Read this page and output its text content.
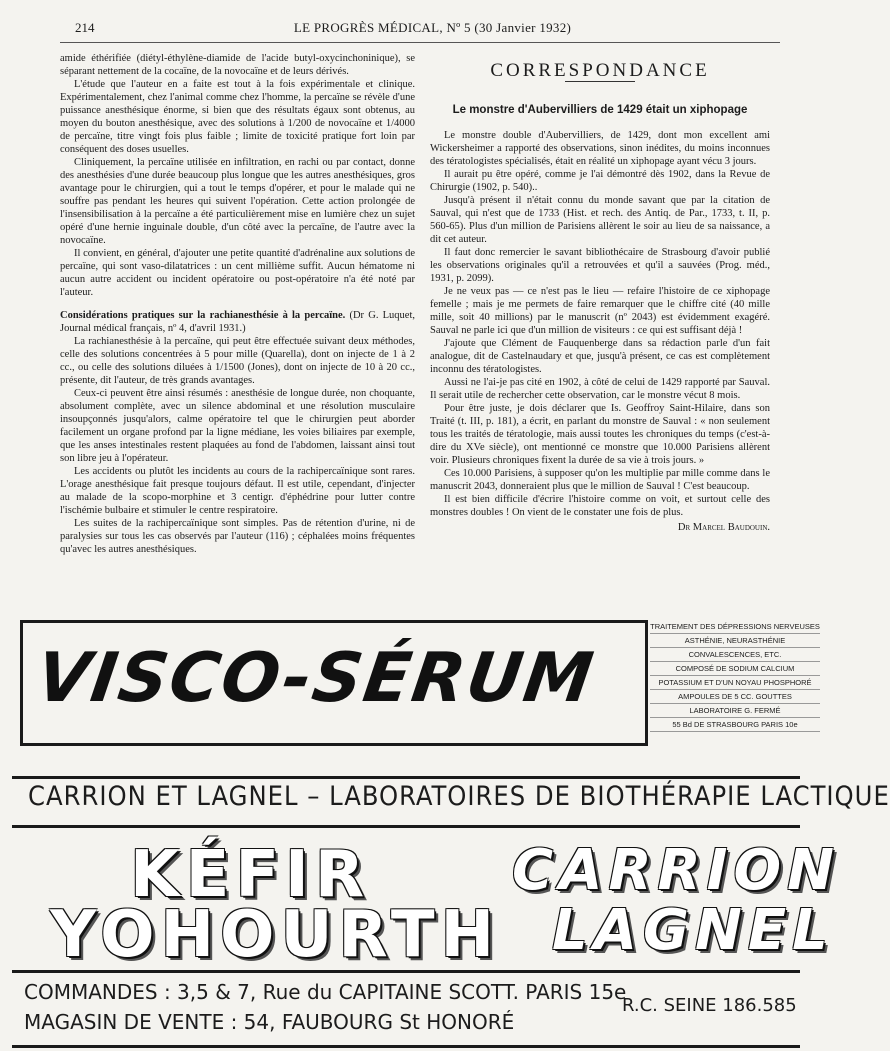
214	LE PROGRÈS MÉDICAL, Nº 5 (30 Janvier 1932)

amide éthérifiée (diétyl-éthylène-diamide de l'acide butyl-oxycinchoninique), se séparant nettement de la cocaïne, de la novocaïne et de leurs dérivés.

L'étude que l'auteur en a faite est tout à la fois expérimentale et clinique. Expérimentalement, chez l'animal comme chez l'homme, la percaïne se révèle d'une puissance anesthésique énorme, si bien que des résultats égaux sont obtenus, au moyen du bouton anesthésique, avec des solutions à 1/200 de novocaïne et 1/4000 de percaïne, titre vingt fois plus faible ; limite de toxicité pratique fort loin par conséquent des doses usuelles.

Cliniquement, la percaïne utilisée en infiltration, en rachi ou par contact, donne des anesthésies d'une durée beaucoup plus longue que les autres anesthésiques, gros avantage pour le chirurgien, qui a tout le temps d'opérer, et pour le malade qui ne souffre pas pendant les heures qui suivent l'opération. Cette action prolongée de l'insensibilisation à la percaïne a été particulièrement mise en lumière chez un sujet opéré d'une hernie inguinale double, d'un côté avec la percaïne, de l'autre avec la novocaïne.

Il convient, en général, d'ajouter une petite quantité d'adrénaline aux solutions de percaïne, qui sont vaso-dilatatrices : un cent millième suffit. Aucun hématome ni aucun autre accident ou incident opératoire ou post-opératoire n'a été noté par l'auteur.

Considérations pratiques sur la rachianesthésie à la percaïne. (Dr G. Luquet, Journal médical français, nº 4, d'avril 1931.)

La rachianesthésie à la percaïne, qui peut être effectuée suivant deux méthodes, celle des solutions concentrées à 5 pour mille (Quarella), dont on injecte de 1 à 2 cc., ou celle des solutions diluées à 1/1500 (Jones), dont on injecte de 10 à 20 cc., présente, dit l'auteur, de très grands avantages.

Ceux-ci peuvent être ainsi résumés : anesthésie de longue durée, non choquante, absolument complète, avec un silence abdominal et une résolution musculaire insoupçonnés jusqu'alors, calme opératoire tel que le chirurgien peut aborder facilement un organe profond par la ligne médiane, les voies biliaires par exemple, que les anses intestinales restent plaquées au fond de l'abdomen, laissant ainsi tout son libre jeu à l'opérateur.

Les accidents ou plutôt les incidents au cours de la rachipercaïnique sont rares. L'orage anesthésique fait presque toujours défaut. Il est utile, cependant, d'injecter au malade de la scopo-morphine et 3 centigr. d'éphédrine pour lutter contre l'ischémie bulbaire et stimuler le centre respiratoire.

Les suites de la rachipercaïnique sont simples. Pas de rétention d'urine, ni de paralysies sur tous les cas observés par l'auteur (116) ; céphalées moins fréquentes qu'avec les autres anesthésiques.

CORRESPONDANCE
Le monstre d'Aubervilliers de 1429 était un xiphopage

Le monstre double d'Aubervilliers, de 1429, dont mon excellent ami Wickersheimer a rapporté des observations, sinon inédites, du moins inconnues des tératologistes spécialisés, était en réalité un xiphopage ayant vécu 3 jours.

Il aurait pu être opéré, comme je l'ai démontré dès 1902, dans la Revue de Chirurgie (1902, p. 540)..

Jusqu'à présent il n'était connu du monde savant que par la citation de Sauval, qui n'est que de 1733 (Hist. et rech. des Antiq. de Par., 1733, t. II, p. 560-65). Plus d'un million de Parisiens allèrent le soir au lieu de sa naissance, a dit cet auteur.

Il faut donc remercier le savant bibliothécaire de Strasbourg d'avoir publié les observations originales qu'il a retrouvées et qu'il a sauvées (Prog. méd., 1931, p. 2099).

Je ne veux pas — ce n'est pas le lieu — refaire l'histoire de ce xiphopage femelle ; mais je me permets de faire remarquer que le chiffre cité (40 mille mille, soit 40 millions) par le manuscrit (nº 2043) est évidemment exagéré. Sauval ne parle ici que d'un million de visiteurs : ce qui est suffisant déjà !

J'ajoute que Clément de Fauquenberge dans sa rédaction parle d'un fait analogue, dit de Castelnaudary et que, jusqu'à présent, ce cas est complètement inconnu des tératologistes.

Aussi ne l'ai-je pas cité en 1902, à côté de celui de 1429 rapporté par Sauval. Il serait utile de rechercher cette observation, car le monstre vécut 8 mois.

Pour être juste, je dois déclarer que Is. Geoffroy Saint-Hilaire, dans son Traité (t. III, p. 181), a écrit, en parlant du monstre de Sauval : « non seulement tous les traités de tératologie, mais aussi toutes les chroniques du temps (c'est-à-dire du XVe siècle), ont mentionné ce monstre que 10.000 Parisiens allèrent voir. Plusieurs chroniques fixent la durée de sa vie à trois jours. »

Ces 10.000 Parisiens, à supposer qu'on les multiplie par mille comme dans le manuscrit 2043, donneraient plus que le million de Sauval ! C'est beaucoup.

Il est bien difficile d'écrire l'histoire comme on voit, et surtout celle des monstres doubles ! On vient de le constater une fois de plus.

Dr Marcel Baudouin.
VISCO-SÉRUM
TRAITEMENT DES DÉPRESSIONS NERVEUSES
ASTHÉNIE, NEURASTHÉNIE
CONVALESCENCES, ETC.
COMPOSÉ DE SODIUM CALCIUM
POTASSIUM ET D'UN NOYAU PHOSPHORÉ
AMPOULES DE 5 CC. GOUTTES
LABORATOIRE G. FERMÉ
55 Bd DE STRASBOURG PARIS 10e
CARRION ET LAGNEL – LABORATOIRES DE BIOTHÉRAPIE LACTIQUE
KÉFIR
YOHOURTH
CARRION
LAGNEL
COMMANDES : 3,5 & 7, Rue du CAPITAINE SCOTT. PARIS 15e
MAGASIN DE VENTE : 54, FAUBOURG St HONORÉ
R.C. SEINE 186.585
